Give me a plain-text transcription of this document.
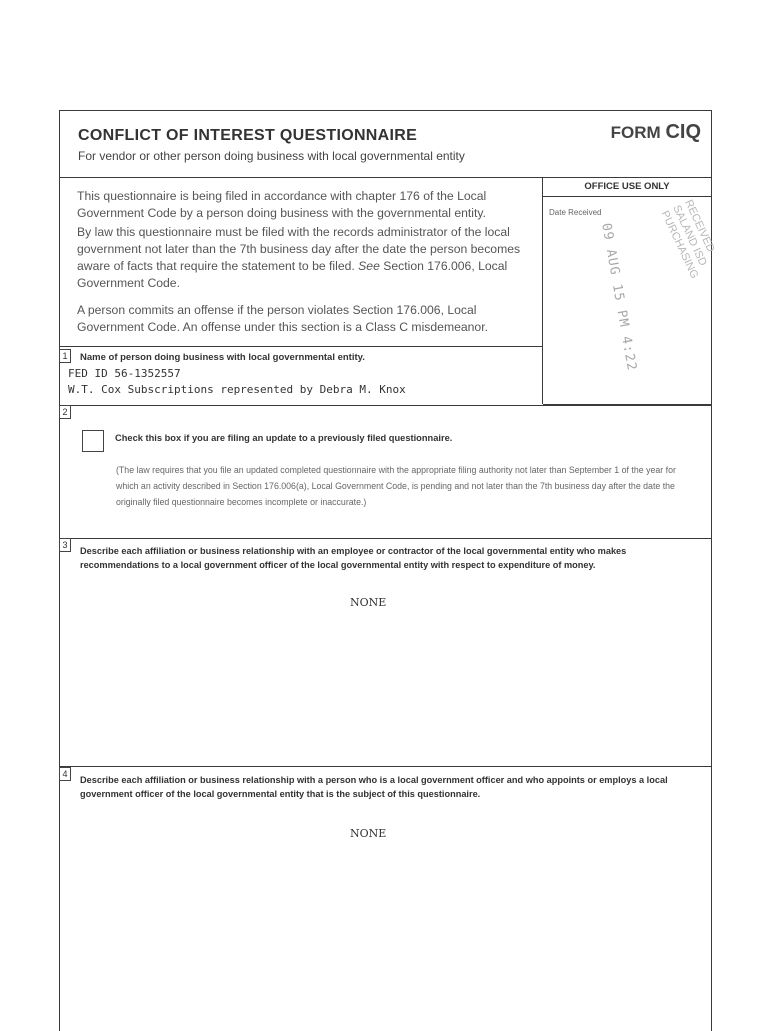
CONFLICT OF INTEREST QUESTIONNAIRE	FORM CIQ
For vendor or other person doing business with local governmental entity

This questionnaire is being filed in accordance with chapter 176 of the Local Government Code by a person doing business with the governmental entity.

By law this questionnaire must be filed with the records administrator of the local government not later than the 7th business day after the date the person becomes aware of facts that require the statement to be filed. See Section 176.006, Local Government Code.

A person commits an offense if the person violates Section 176.006, Local Government Code. An offense under this section is a Class C misdemeanor.

OFFICE USE ONLY
Date Received
09 AUG 15 PM 4:22	RECEIVED
SALAND ISD
PURCHASING
1	Name of person doing business with local governmental entity.
FED ID 56-1352557
W.T. Cox Subscriptions represented by Debra M. Knox
2
Check this box if you are filing an update to a previously filed questionnaire.
(The law requires that you file an updated completed questionnaire with the appropriate filing authority not later than September 1 of the year for which an activity described in Section 176.006(a), Local Government Code, is pending and not later than the 7th business day after the date the originally filed questionnaire becomes incomplete or inaccurate.)
3
Describe each affiliation or business relationship with an employee or contractor of the local governmental entity who makes recommendations to a local government officer of the local governmental entity with respect to expenditure of money.
NONE
4
Describe each affiliation or business relationship with a person who is a local government officer and who appoints or employs a local government officer of the local governmental entity that is the subject of this questionnaire.
NONE
